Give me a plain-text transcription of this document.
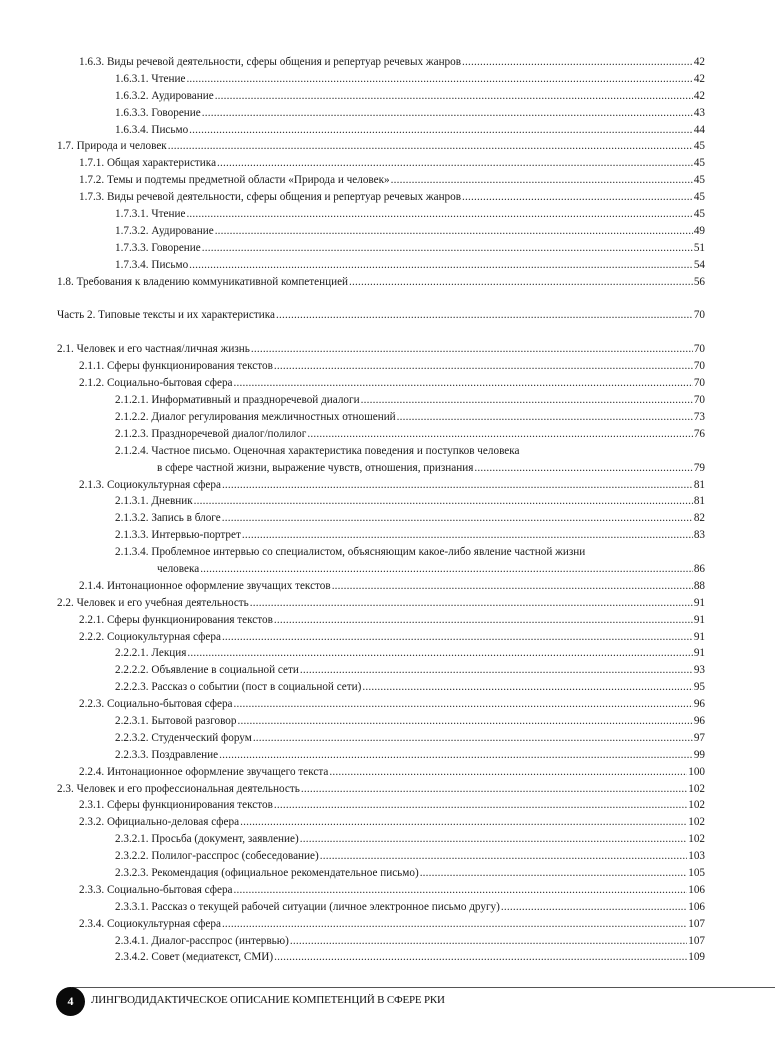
1.6.3. Виды речевой деятельности, сферы общения и репертуар речевых жанров .....	42
1.6.3.1. Чтение .....	42
1.6.3.2. Аудирование .....	42
1.6.3.3. Говорение .....	43
1.6.3.4. Письмо .....	44
1.7. Природа и человек .....	45
1.7.1. Общая характеристика .....	45
1.7.2. Темы и подтемы предметной области «Природа и человек» .....	45
1.7.3. Виды речевой деятельности, сферы общения и репертуар речевых жанров .....	45
1.7.3.1. Чтение .....	45
1.7.3.2. Аудирование .....	49
1.7.3.3. Говорение .....	51
1.7.3.4. Письмо .....	54
1.8. Требования к владению коммуникативной компетенцией .....	56
Часть 2. Типовые тексты и их характеристика .....	70
2.1. Человек и его частная/личная жизнь .....	70
2.1.1. Сферы функционирования текстов .....	70
2.1.2. Социально-бытовая сфера .....	70
2.1.2.1. Информативный и праздноречевой диалоги .....	70
2.1.2.2. Диалог регулирования межличностных отношений .....	73
2.1.2.3. Праздноречевой диалог/полилог .....	76
2.1.2.4. Частное письмо. Оценочная характеристика поведения и поступков человека
в сфере частной жизни, выражение чувств, отношения, признания .....	79
2.1.3. Социокультурная сфера .....	81
2.1.3.1. Дневник .....	81
2.1.3.2. Запись в блоге .....	82
2.1.3.3. Интервью-портрет .....	83
2.1.3.4. Проблемное интервью со специалистом, объясняющим какое-либо явление частной жизни
человека .....	86
2.1.4. Интонационное оформление звучащих текстов .....	88
2.2. Человек и его учебная деятельность .....	91
2.2.1. Сферы функционирования текстов .....	91
2.2.2. Социокультурная сфера .....	91
2.2.2.1. Лекция .....	91
2.2.2.2. Объявление в социальной сети .....	93
2.2.2.3. Рассказ о событии (пост в социальной сети) .....	95
2.2.3. Социально-бытовая сфера .....	96
2.2.3.1. Бытовой разговор .....	96
2.2.3.2. Студенческий форум .....	97
2.2.3.3. Поздравление .....	99
2.2.4. Интонационное оформление звучащего текста .....	100
2.3. Человек и его профессиональная деятельность .....	102
2.3.1. Сферы функционирования текстов .....	102
2.3.2. Официально-деловая сфера .....	102
2.3.2.1. Просьба (документ, заявление) .....	102
2.3.2.2. Полилог-расспрос (собеседование) .....	103
2.3.2.3. Рекомендация (официальное рекомендательное письмо) .....	105
2.3.3. Социально-бытовая сфера .....	106
2.3.3.1. Рассказ о текущей рабочей ситуации (личное электронное письмо другу) .....	106
2.3.4. Социокультурная сфера .....	107
2.3.4.1. Диалог-расспрос (интервью) .....	107
2.3.4.2. Совет (медиатекст, СМИ) .....	109
4	ЛИНГВОДИДАКТИЧЕСКОЕ ОПИСАНИЕ КОМПЕТЕНЦИЙ В СФЕРЕ РКИ
